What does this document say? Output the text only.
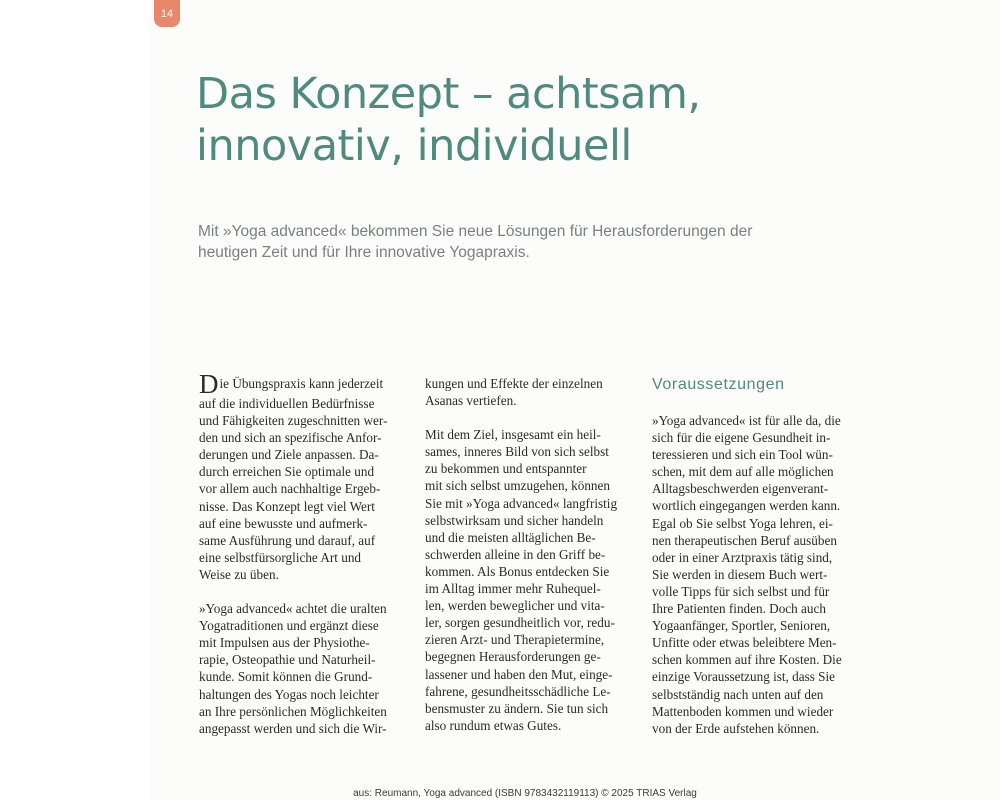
14
Das Konzept – achtsam,
innovativ, individuell

Mit »Yoga advanced« bekommen Sie neue Lösungen für Herausforderungen der
heutigen Zeit und für Ihre innovative Yogapraxis.

D ie Übungspraxis kann jederzeit
auf die individuellen Bedürfnisse
und Fähigkeiten zugeschnitten wer-
den und sich an spezifische Anfor-
derungen und Ziele anpassen. Da-
durch erreichen Sie optimale und
vor allem auch nachhaltige Ergeb-
nisse. Das Konzept legt viel Wert
auf eine bewusste und aufmerk-
same Ausführung und darauf, auf
eine selbstfürsorgliche Art und
Weise zu üben.

»Yoga advanced« achtet die uralten
Yogatraditionen und ergänzt diese
mit Impulsen aus der Physiothe-
rapie, Osteopathie und Naturheil-
kunde. Somit können die Grund-
haltungen des Yogas noch leichter
an Ihre persönlichen Möglichkeiten
angepasst werden und sich die Wir-

kungen und Effekte der einzelnen
Asanas vertiefen.

Mit dem Ziel, insgesamt ein heil-
sames, inneres Bild von sich selbst
zu bekommen und entspannter
mit sich selbst umzugehen, können
Sie mit »Yoga advanced« langfristig
selbstwirksam und sicher handeln
und die meisten alltäglichen Be-
schwerden alleine in den Griff be-
kommen. Als Bonus entdecken Sie
im Alltag immer mehr Ruhequel-
len, werden beweglicher und vita-
ler, sorgen gesundheitlich vor, redu-
zieren Arzt- und Therapietermine,
begegnen Herausforderungen ge-
lassener und haben den Mut, einge-
fahrene, gesundheitsschädliche Le-
bensmuster zu ändern. Sie tun sich
also rundum etwas Gutes.

Voraussetzungen

»Yoga advanced« ist für alle da, die
sich für die eigene Gesundheit in-
teressieren und sich ein Tool wün-
schen, mit dem auf alle möglichen
Alltagsbeschwerden eigenverant-
wortlich eingegangen werden kann.
Egal ob Sie selbst Yoga lehren, ei-
nen therapeutischen Beruf ausüben
oder in einer Arztpraxis tätig sind,
Sie werden in diesem Buch wert-
volle Tipps für sich selbst und für
Ihre Patienten finden. Doch auch
Yogaanfänger, Sportler, Senioren,
Unfitte oder etwas beleibtere Men-
schen kommen auf ihre Kosten. Die
einzige Voraussetzung ist, dass Sie
selbstständig nach unten auf den
Mattenboden kommen und wieder
von der Erde aufstehen können.

aus: Reumann, Yoga advanced (ISBN 9783432119113) © 2025 TRIAS Verlag
